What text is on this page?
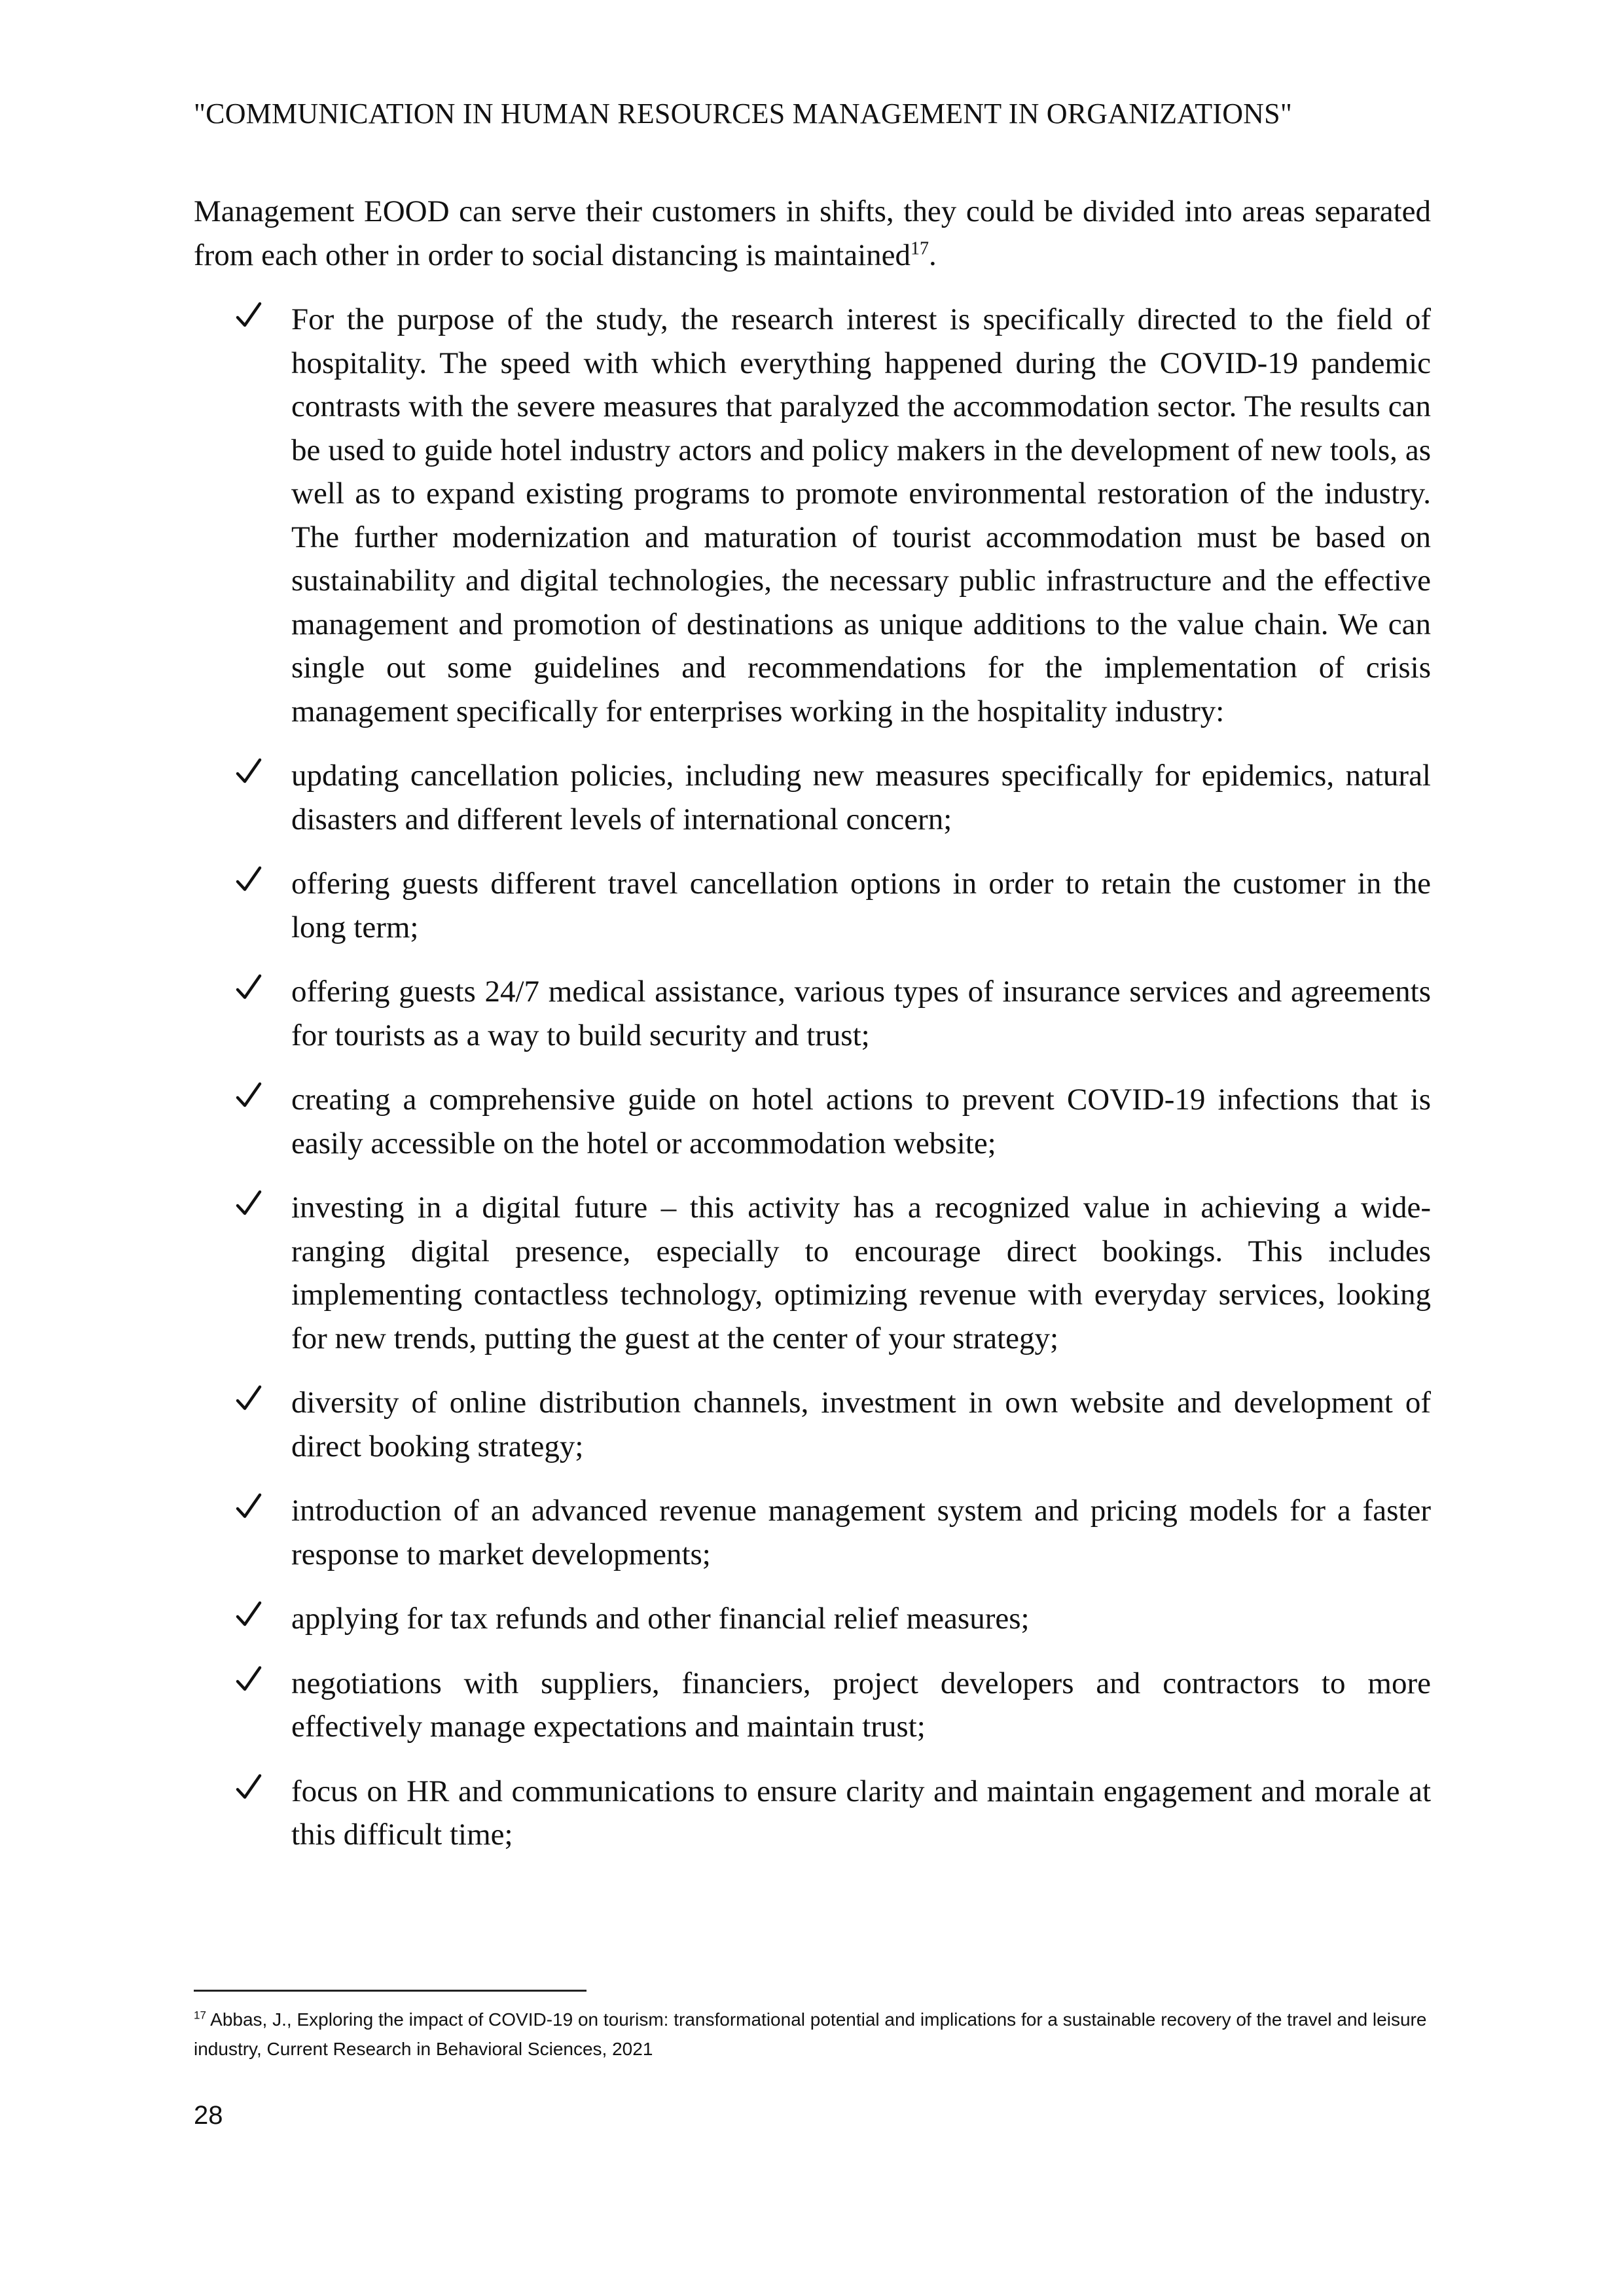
"COMMUNICATION IN HUMAN RESOURCES MANAGEMENT IN ORGANIZATIONS"

Management EOOD can serve their customers in shifts, they could be divided into areas separated from each other in order to social distancing is maintained$^{17}$.

For the purpose of the study, the research interest is specifically directed to the field of hospitality. The speed with which everything happened during the COVID-19 pandemic contrasts with the severe measures that paralyzed the accommodation sector. The results can be used to guide hotel industry actors and policy makers in the development of new tools, as well as to expand existing programs to promote environmental restoration of the industry. The further modernization and maturation of tourist accommodation must be based on sustainability and digital technologies, the necessary public infrastructure and the effective management and promotion of destinations as unique additions to the value chain. We can single out some guidelines and recommendations for the implementation of crisis management specifically for enterprises working in the hospitality industry:
updating cancellation policies, including new measures specifically for epidemics, natural disasters and different levels of international concern;
offering guests different travel cancellation options in order to retain the customer in the long term;
offering guests 24/7 medical assistance, various types of insurance services and agreements for tourists as a way to build security and trust;
creating a comprehensive guide on hotel actions to prevent COVID-19 infections that is easily accessible on the hotel or accommodation website;
investing in a digital future – this activity has a recognized value in achieving a wide-ranging digital presence, especially to encourage direct bookings. This includes implementing contactless technology, optimizing revenue with everyday services, looking for new trends, putting the guest at the center of your strategy;
diversity of online distribution channels, investment in own website and development of direct booking strategy;
introduction of an advanced revenue management system and pricing models for a faster response to market developments;
applying for tax refunds and other financial relief measures;
negotiations with suppliers, financiers, project developers and contractors to more effectively manage expectations and maintain trust;
focus on HR and communications to ensure clarity and maintain engagement and morale at this difficult time;

$^{17}$ Abbas, J., Exploring the impact of COVID-19 on tourism: transformational potential and implications for a sustainable recovery of the travel and leisure industry, Current Research in Behavioral Sciences, 2021

28
